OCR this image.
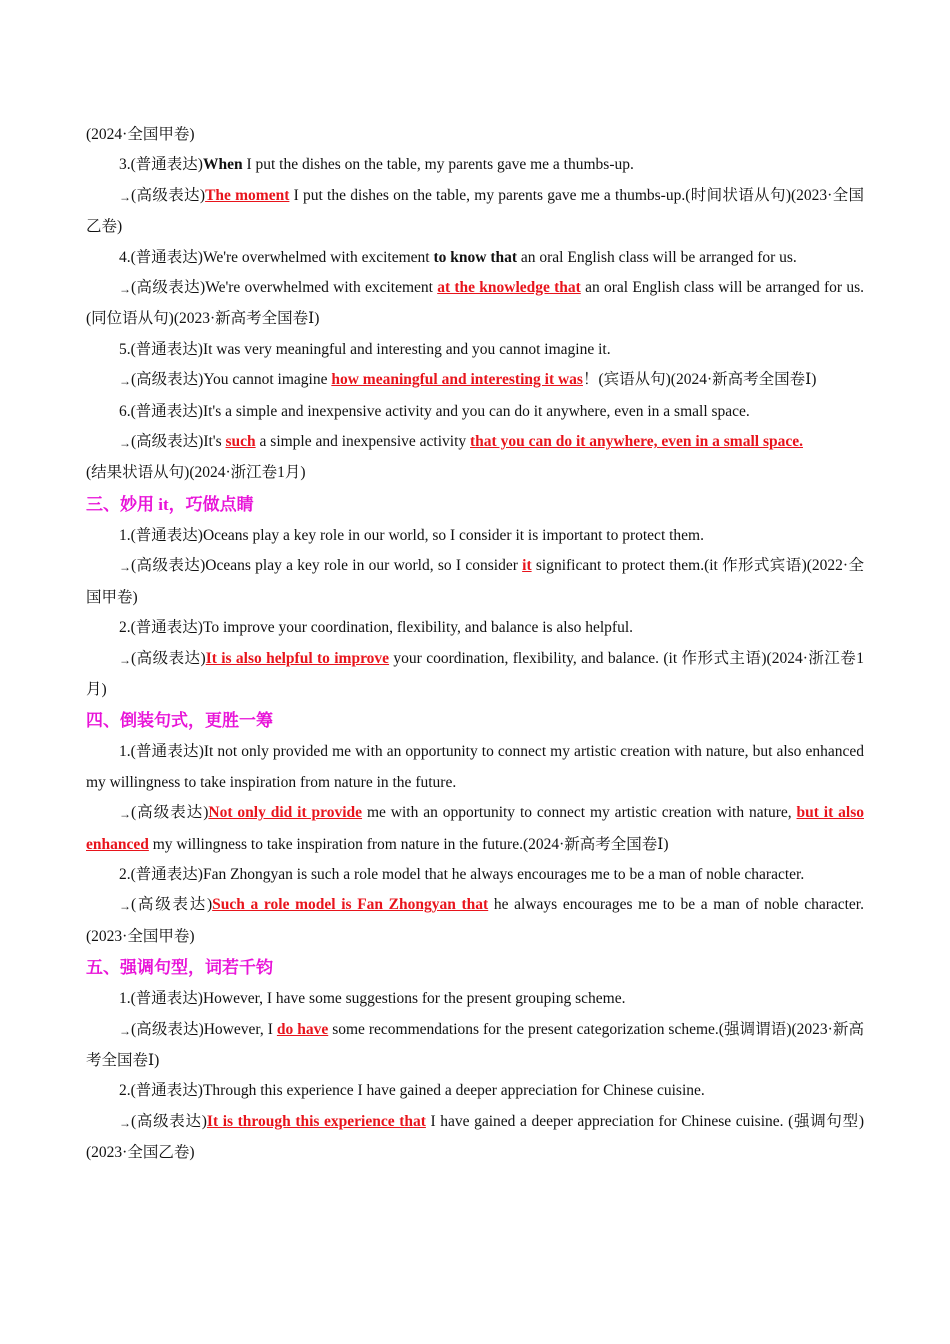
(2024·全国甲卷)

3.(普通表达)When I put the dishes on the table, my parents gave me a thumbs-up.

→(高级表达)The moment I put the dishes on the table, my parents gave me a thumbs-up.(时间状语从句)(2023·全国乙卷)

4.(普通表达)We're overwhelmed with excitement to know that an oral English class will be arranged for us.

→(高级表达)We're overwhelmed with excitement at the knowledge that an oral English class will be arranged for us.(同位语从句)(2023·新高考全国卷Ⅰ)

5.(普通表达)It was very meaningful and interesting and you cannot imagine it.

→(高级表达)You cannot imagine how meaningful and interesting it was！(宾语从句)(2024·新高考全国卷Ⅰ)

6.(普通表达)It's a simple and inexpensive activity and you can do it anywhere, even in a small space.

→(高级表达)It's such a simple and inexpensive activity that you can do it anywhere, even in a small space.
(结果状语从句)(2024·浙江卷1月)

三、妙用 it，巧做点睛

1.(普通表达)Oceans play a key role in our world, so I consider it is important to protect them.

→(高级表达)Oceans play a key role in our world, so I consider it significant to protect them.(it 作形式宾语)(2022·全国甲卷)

2.(普通表达)To improve your coordination, flexibility, and balance is also helpful.

→(高级表达)It is also helpful to improve your coordination, flexibility, and balance. (it 作形式主语)(2024·浙江卷1月)

四、倒装句式，更胜一筹

1.(普通表达)It not only provided me with an opportunity to connect my artistic creation with nature, but also enhanced my willingness to take inspiration from nature in the future.

→(高级表达)Not only did it provide me with an opportunity to connect my artistic creation with nature, but it also enhanced my willingness to take inspiration from nature in the future.(2024·新高考全国卷Ⅰ)

2.(普通表达)Fan Zhongyan is such a role model that he always encourages me to be a man of noble character.

→(高级表达)Such a role model is Fan Zhongyan that he always encourages me to be a man of noble character.(2023·全国甲卷)

五、强调句型，词若千钧

1.(普通表达)However, I have some suggestions for the present grouping scheme.

→(高级表达)However, I do have some recommendations for the present categorization scheme.(强调谓语)(2023·新高考全国卷Ⅰ)

2.(普通表达)Through this experience I have gained a deeper appreciation for Chinese cuisine.

→(高级表达)It is through this experience that I have gained a deeper appreciation for Chinese cuisine. (强调句型)(2023·全国乙卷)
